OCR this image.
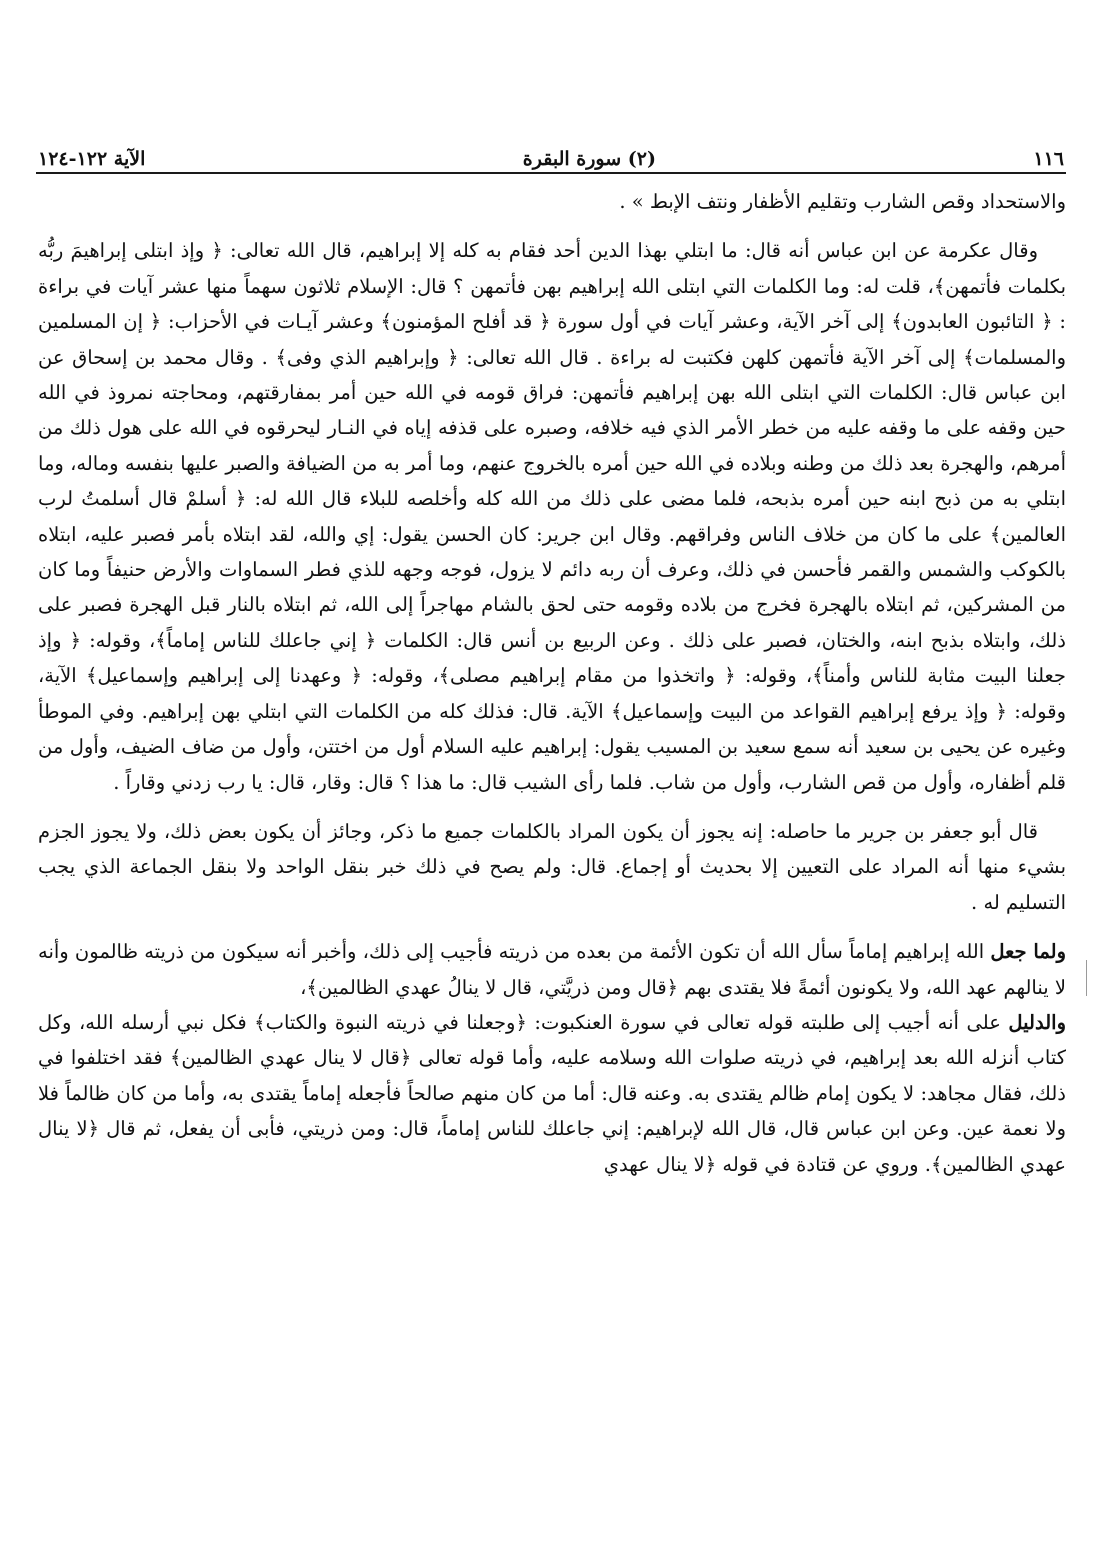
١١٦
(٢) سورة البقرة
الآية ١٢٢-١٢٤

والاستحداد وقص الشارب وتقليم الأظفار ونتف الإبط » .

وقال عكرمة عن ابن عباس أنه قال: ما ابتلي بهذا الدين أحد فقام به كله إلا إبراهيم، قال الله تعالى: ﴿ وإذ ابتلى إبراهيمَ ربُّه بكلمات فأتمهن﴾، قلت له: وما الكلمات التي ابتلى الله إبراهيم بهن فأتمهن ؟ قال: الإسلام ثلاثون سهماً منها عشر آيات في براءة : ﴿ التائبون العابدون﴾ إلى آخر الآية، وعشر آيات في أول سورة ﴿ قد أفلح المؤمنون﴾ وعشر آيـات في الأحزاب: ﴿ إن المسلمين والمسلمات﴾ إلى آخر الآية فأتمهن كلهن فكتبت له براءة . قال الله تعالى: ﴿ وإبراهيم الذي وفى﴾ . وقال محمد بن إسحاق عن ابن عباس قال: الكلمات التي ابتلى الله بهن إبراهيم فأتمهن: فراق قومه في الله حين أمر بمفارقتهم، ومحاجته نمروذ في الله حين وقفه على ما وقفه عليه من خطر الأمر الذي فيه خلافه، وصبره على قذفه إياه في النـار ليحرقوه في الله على هول ذلك من أمرهم، والهجرة بعد ذلك من وطنه وبلاده في الله حين أمره بالخروج عنهم، وما أمر به من الضيافة والصبر عليها بنفسه وماله، وما ابتلي به من ذبح ابنه حين أمره بذبحه، فلما مضى على ذلك من الله كله وأخلصه للبلاء قال الله له: ﴿ أسلمْ قال أسلمتُ لرب العالمين﴾ على ما كان من خلاف الناس وفراقهم. وقال ابن جرير: كان الحسن يقول: إي والله، لقد ابتلاه بأمر فصبر عليه، ابتلاه بالكوكب والشمس والقمر فأحسن في ذلك، وعرف أن ربه دائم لا يزول، فوجه وجهه للذي فطر السماوات والأرض حنيفاً وما كان من المشركين، ثم ابتلاه بالهجرة فخرج من بلاده وقومه حتى لحق بالشام مهاجراً إلى الله، ثم ابتلاه بالنار قبل الهجرة فصبر على ذلك، وابتلاه بذبح ابنه، والختان، فصبر على ذلك . وعن الربيع بن أنس قال: الكلمات ﴿ إني جاعلك للناس إماماً﴾، وقوله: ﴿ وإذ جعلنا البيت مثابة للناس وأمناً﴾، وقوله: ﴿ واتخذوا من مقام إبراهيم مصلى﴾، وقوله: ﴿ وعهدنا إلى إبراهيم وإسماعيل﴾ الآية، وقوله: ﴿ وإذ يرفع إبراهيم القواعد من البيت وإسماعيل﴾ الآية. قال: فذلك كله من الكلمات التي ابتلي بهن إبراهيم. وفي الموطأ وغيره عن يحيى بن سعيد أنه سمع سعيد بن المسيب يقول: إبراهيم عليه السلام أول من اختتن، وأول من ضاف الضيف، وأول من قلم أظفاره، وأول من قص الشارب، وأول من شاب. فلما رأى الشيب قال: ما هذا ؟ قال: وقار، قال: يا رب زدني وقاراً .

قال أبو جعفر بن جرير ما حاصله: إنه يجوز أن يكون المراد بالكلمات جميع ما ذكر، وجائز أن يكون بعض ذلك، ولا يجوز الجزم بشيء منها أنه المراد على التعيين إلا بحديث أو إجماع. قال: ولم يصح في ذلك خبر بنقل الواحد ولا بنقل الجماعة الذي يجب التسليم له .

ولما جعل الله إبراهيم إماماً سأل الله أن تكون الأئمة من بعده من ذريته فأجيب إلى ذلك، وأخبر أنه سيكون من ذريته ظالمون وأنه لا ينالهم عهد الله، ولا يكونون أئمةً فلا يقتدى بهم ﴿قال ومن ذريَّتي، قال لا ينالُ عهدي الظالمين﴾،

والدليل على أنه أجيب إلى طلبته قوله تعالى في سورة العنكبوت: ﴿وجعلنا في ذريته النبوة والكتاب﴾ فكل نبي أرسله الله، وكل كتاب أنزله الله بعد إبراهيم، في ذريته صلوات الله وسلامه عليه، وأما قوله تعالى ﴿قال لا ينال عهدي الظالمين﴾ فقد اختلفوا في ذلك، فقال مجاهد: لا يكون إمام ظالم يقتدى به. وعنه قال: أما من كان منهم صالحاً فأجعله إماماً يقتدى به، وأما من كان ظالماً فلا ولا نعمة عين. وعن ابن عباس قال، قال الله لإبراهيم: إني جاعلك للناس إماماً، قال: ومن ذريتي، فأبى أن يفعل، ثم قال ﴿لا ينال عهدي الظالمين﴾. وروي عن قتادة في قوله ﴿لا ينال عهدي
